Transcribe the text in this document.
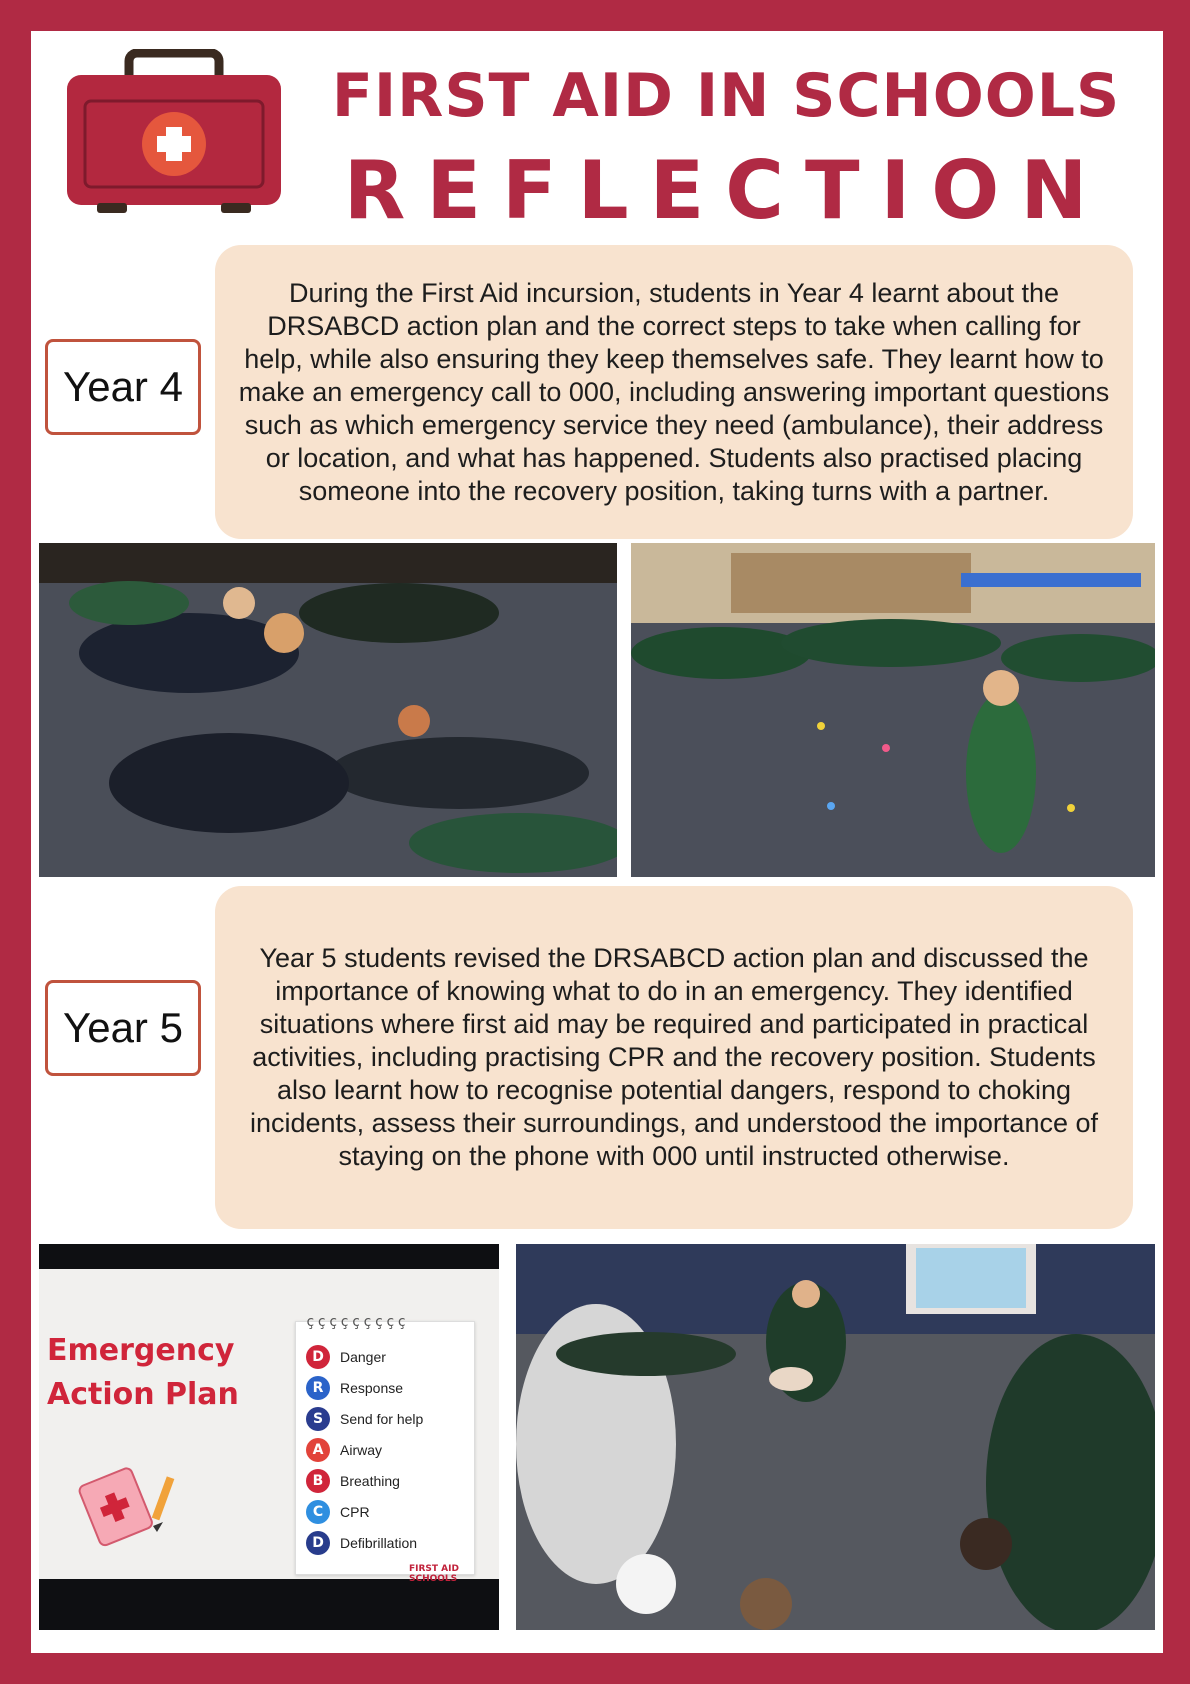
FIRST AID IN SCHOOLS
REFLECTION
Year 4
During the First Aid incursion, students in Year 4 learnt about the DRSABCD action plan and the correct steps to take when calling for help, while also ensuring they keep themselves safe. They learnt how to make an emergency call to 000, including answering important questions such as which emergency service they need (ambulance), their address or location, and what has happened. Students also practised placing someone into the recovery position, taking turns with a partner.
Year 5
Year 5 students revised the DRSABCD action plan and discussed the importance of knowing what to do in an emergency. They identified situations where first aid may be required and participated in practical activities, including practising CPR and the recovery position. Students also learnt how to recognise potential dangers, respond to choking incidents, assess their surroundings, and understood the importance of staying on the phone with 000 until instructed otherwise.
Emergency
Action Plan
ççççççççç
D	Danger
R	Response
S	Send for help
A	Airway
B	Breathing
C	CPR
D	Defibrillation
FIRST AID SCHOOLS
